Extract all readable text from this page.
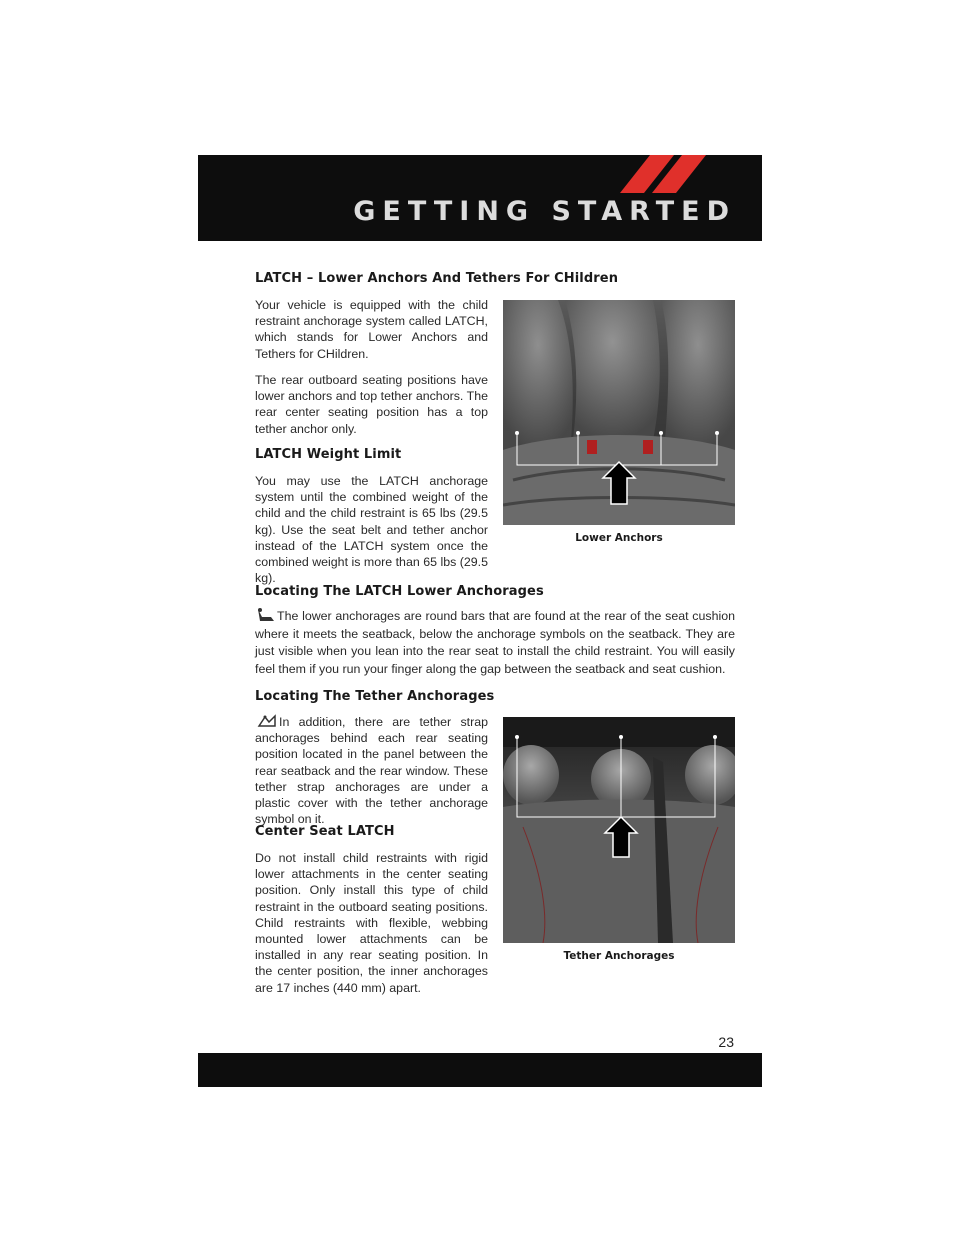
GETTING STARTED
LATCH – Lower Anchors And Tethers For CHildren

Your vehicle is equipped with the child restraint anchorage system called LATCH, which stands for Lower Anchors and Tethers for CHildren.

The rear outboard seating positions have lower anchors and top tether anchors. The rear center seating position has a top tether anchor only.

LATCH Weight Limit

You may use the LATCH anchorage system until the combined weight of the child and the child restraint is 65 lbs (29.5 kg). Use the seat belt and tether anchor instead of the LATCH system once the combined weight is more than 65 lbs (29.5 kg).

Lower Anchors
Locating The LATCH Lower Anchorages
The lower anchorages are round bars that are found at the rear of the seat cushion where it meets the seatback, below the anchorage symbols on the seatback. They are just visible when you lean into the rear seat to install the child restraint. You will easily feel them if you run your finger along the gap between the seatback and seat cushion.
Locating The Tether Anchorages
In addition, there are tether strap anchorages behind each rear seating position located in the panel between the rear seatback and the rear window. These tether strap anchorages are under a plastic cover with the tether anchorage symbol on it.
Tether Anchorages
Center Seat LATCH

Do not install child restraints with rigid lower attachments in the center seating position. Only install this type of child restraint in the outboard seating positions. Child restraints with flexible, webbing mounted lower attachments can be installed in any rear seating position. In the center position, the inner anchorages are 17 inches (440 mm) apart.

23
